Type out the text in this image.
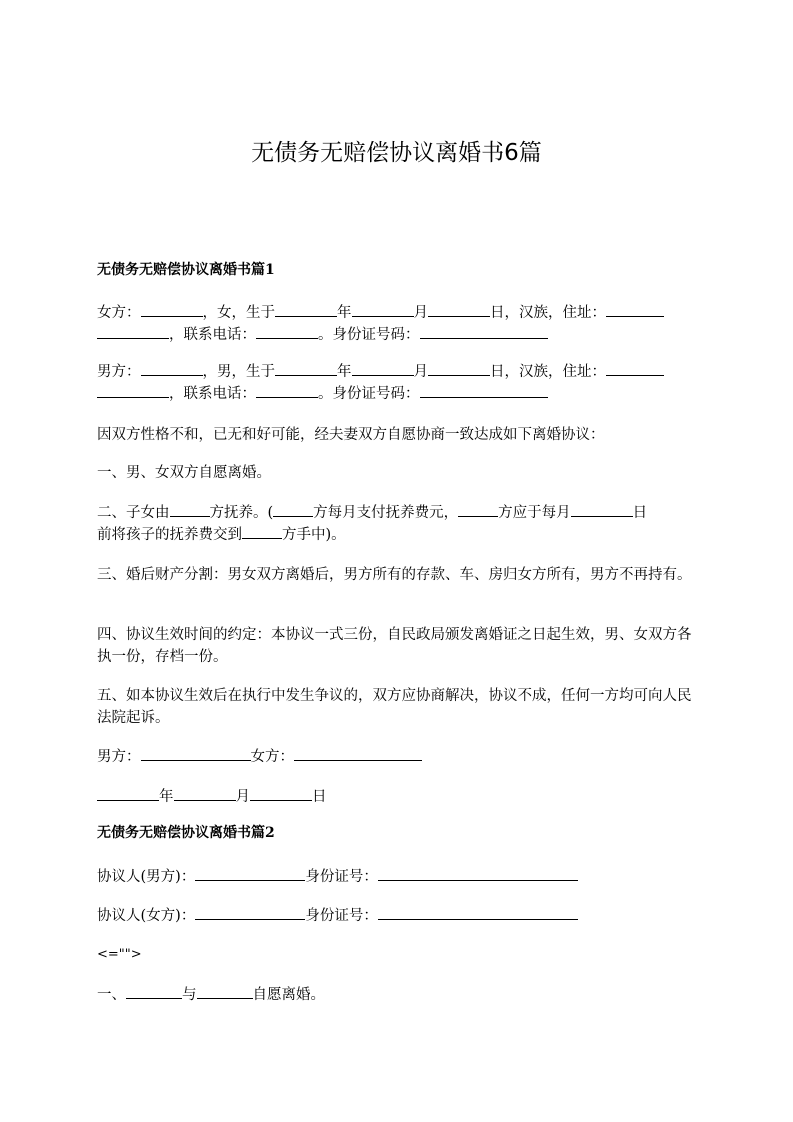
无债务无赔偿协议离婚书6篇
无债务无赔偿协议离婚书篇1
女方：	，女，生于	年	月	日，汉族，住址：
，联系电话：	。身份证号码：
男方：	，男，生于	年	月	日，汉族，住址：
，联系电话：	。身份证号码：
因双方性格不和，已无和好可能，经夫妻双方自愿协商一致达成如下离婚协议：
一、男、女双方自愿离婚。
二、子女由	方抚养。(	方每月支付抚养费元，	方应于每月	日
前将孩子的抚养费交到	方手中)。
三、婚后财产分割：男女双方离婚后，男方所有的存款、车、房归女方所有，男方不再持有。
四、协议生效时间的约定：本协议一式三份，自民政局颁发离婚证之日起生效，男、女双方各执一份，存档一份。
五、如本协议生效后在执行中发生争议的，双方应协商解决，协议不成，任何一方均可向人民法院起诉。
男方：	女方：
年	月	日
无债务无赔偿协议离婚书篇2
协议人(男方)：	身份证号：
协议人(女方)：	身份证号：
<="">
一、	与	自愿离婚。
